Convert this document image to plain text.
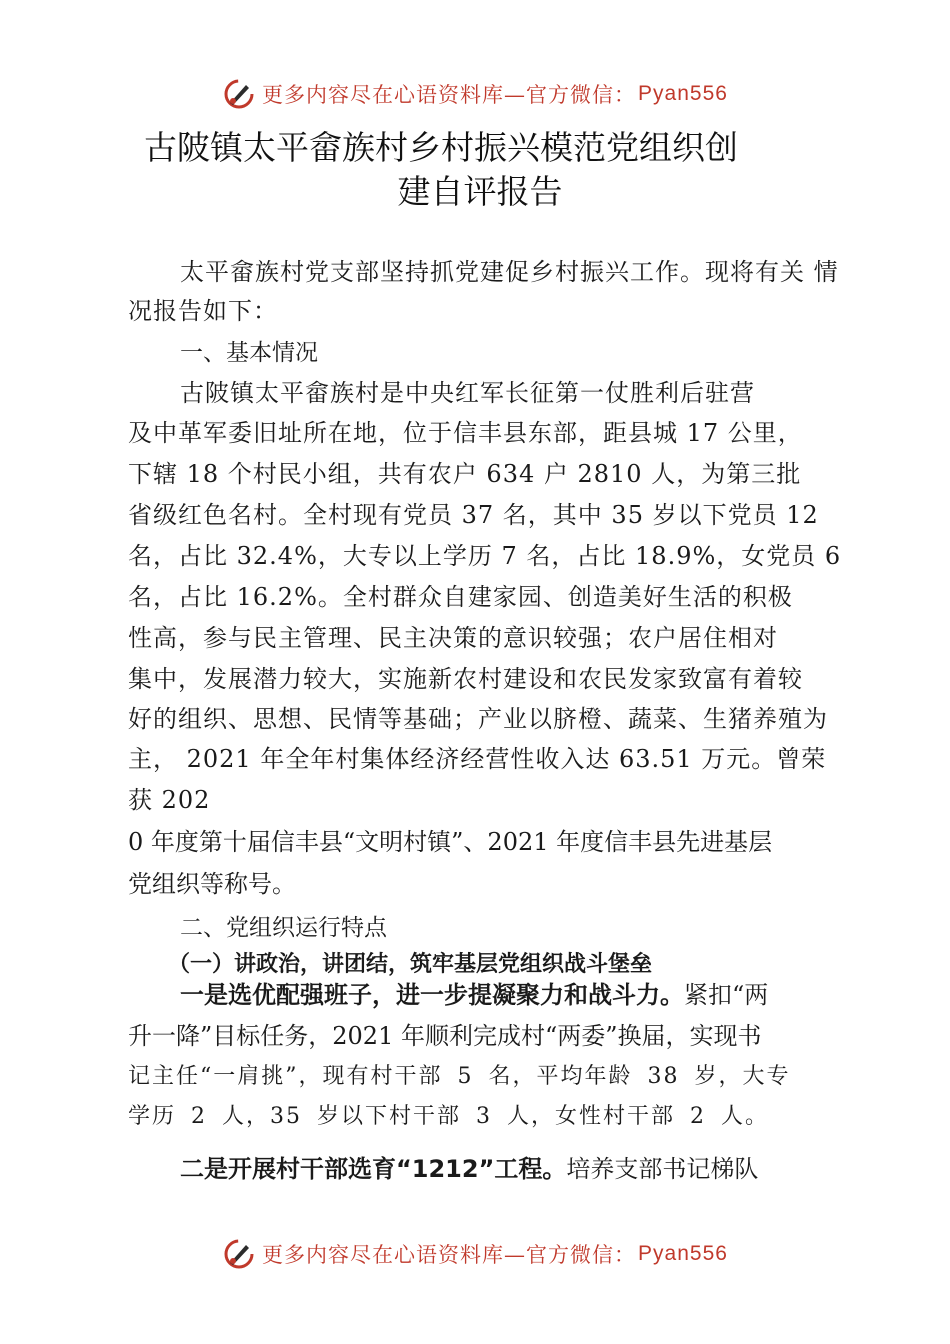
更多内容尽在心语资料库—官方微信： Pyan556
古陂镇太平畲族村乡村振兴模范党组织创
建自评报告
太平畲族村党支部坚持抓党建促乡村振兴工作。现将有关 情
况报告如下：
一、基本情况
古陂镇太平畲族村是中央红军长征第一仗胜利后驻营
及中革军委旧址所在地，位于信丰县东部，距县城 17 公里，
下辖 18 个村民小组，共有农户 634 户 2810 人，为第三批
省级红色名村。全村现有党员 37 名，其中 35 岁以下党员 12
名，占比 32.4%，大专以上学历 7 名，占比 18.9%，女党员 6
名，占比 16.2%。全村群众自建家园、创造美好生活的积极
性高，参与民主管理、民主决策的意识较强；农户居住相对
集中，发展潜力较大，实施新农村建设和农民发家致富有着较
好的组织、思想、民情等基础；产业以脐橙、蔬菜、生猪养殖为
主， 2021 年全年村集体经济经营性收入达 63.51 万元。曾荣
获 202
0 年度第十届信丰县“文明村镇”、2021 年度信丰县先进基层
党组织等称号。
二、党组织运行特点
（一）讲政治，讲团结，筑牢基层党组织战斗堡垒
一是选优配强班子，进一步提凝聚力和战斗力。紧扣“两
升一降”目标任务，2021 年顺利完成村“两委”换届，实现书
记主任“一肩挑”，现有村干部 5 名，平均年龄 38 岁，大专
学历 2 人，35 岁以下村干部 3 人，女性村干部 2 人。
二是开展村干部选育“1212”工程。培养支部书记梯队
更多内容尽在心语资料库—官方微信： Pyan556
